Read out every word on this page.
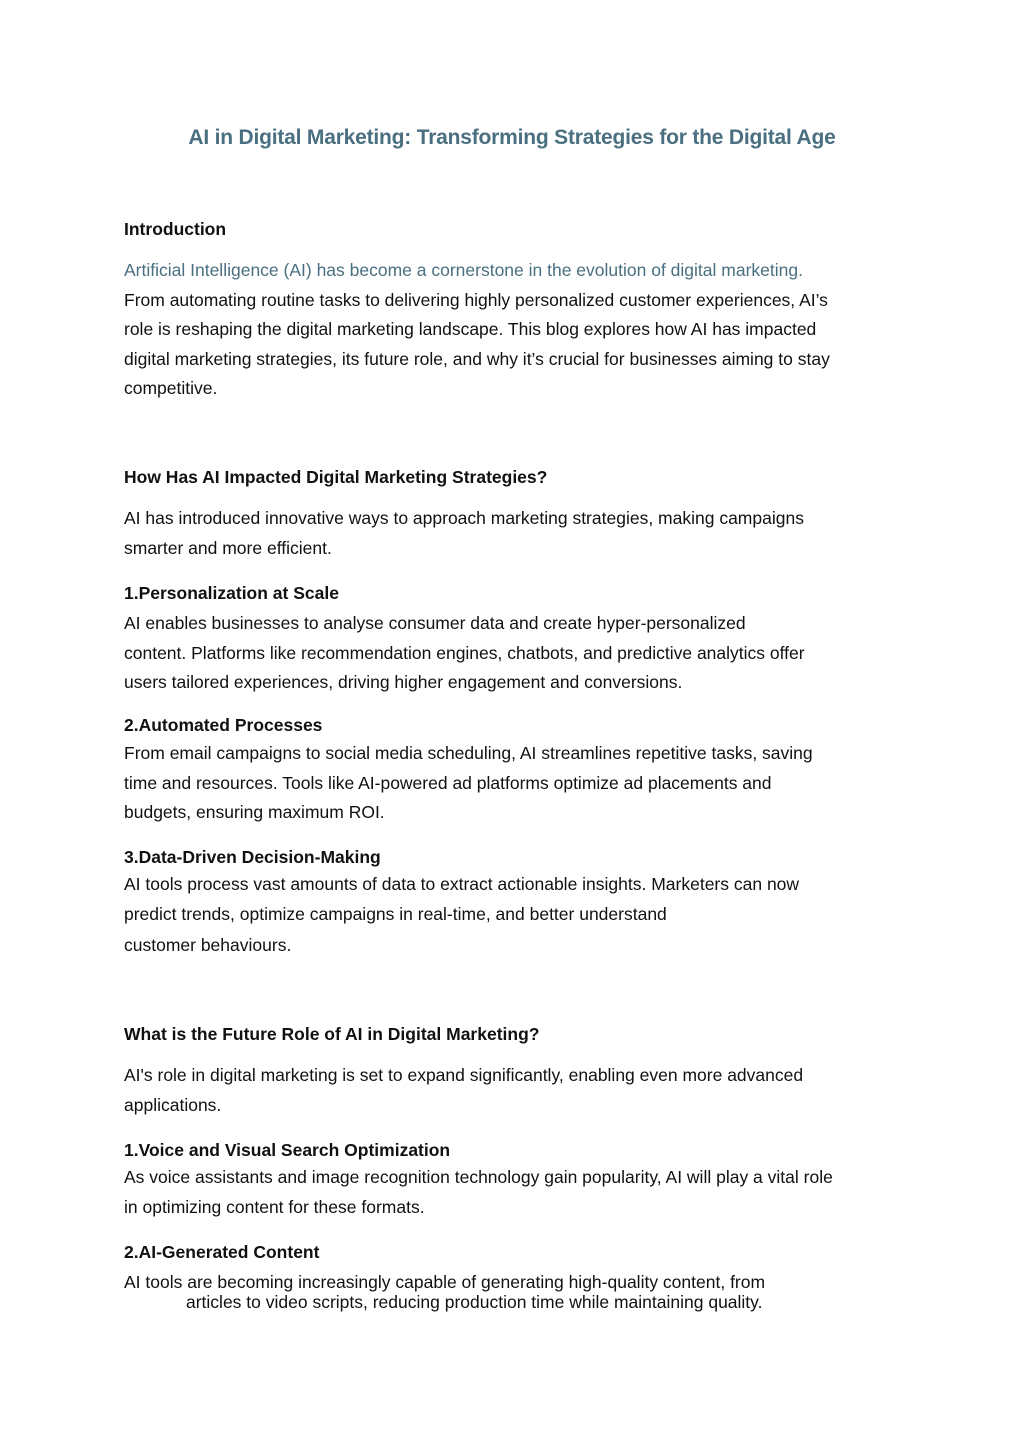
AI in Digital Marketing: Transforming Strategies for the Digital Age
Introduction
Artificial Intelligence (AI) has become a cornerstone in the evolution of digital marketing.
From automating routine tasks to delivering highly personalized customer experiences, AI’s
role is reshaping the digital marketing landscape. This blog explores how AI has impacted
digital marketing strategies, its future role, and why it’s crucial for businesses aiming to stay
competitive.
How Has AI Impacted Digital Marketing Strategies?
AI has introduced innovative ways to approach marketing strategies, making campaigns
smarter and more efficient.
1.Personalization at Scale
AI enables businesses to analyse consumer data and create hyper-personalized
content. Platforms like recommendation engines, chatbots, and predictive analytics offer
users tailored experiences, driving higher engagement and conversions.
2.Automated Processes
From email campaigns to social media scheduling, AI streamlines repetitive tasks, saving
time and resources. Tools like AI-powered ad platforms optimize ad placements and
budgets, ensuring maximum ROI.
3.Data-Driven Decision-Making
AI tools process vast amounts of data to extract actionable insights. Marketers can now
predict trends, optimize campaigns in real-time, and better understand
customer behaviours.
What is the Future Role of AI in Digital Marketing?
AI's role in digital marketing is set to expand significantly, enabling even more advanced
applications.
1.Voice and Visual Search Optimization
As voice assistants and image recognition technology gain popularity, AI will play a vital role
in optimizing content for these formats.
2.AI-Generated Content
AI tools are becoming increasingly capable of generating high-quality content, from
articles to video scripts, reducing production time while maintaining quality.
